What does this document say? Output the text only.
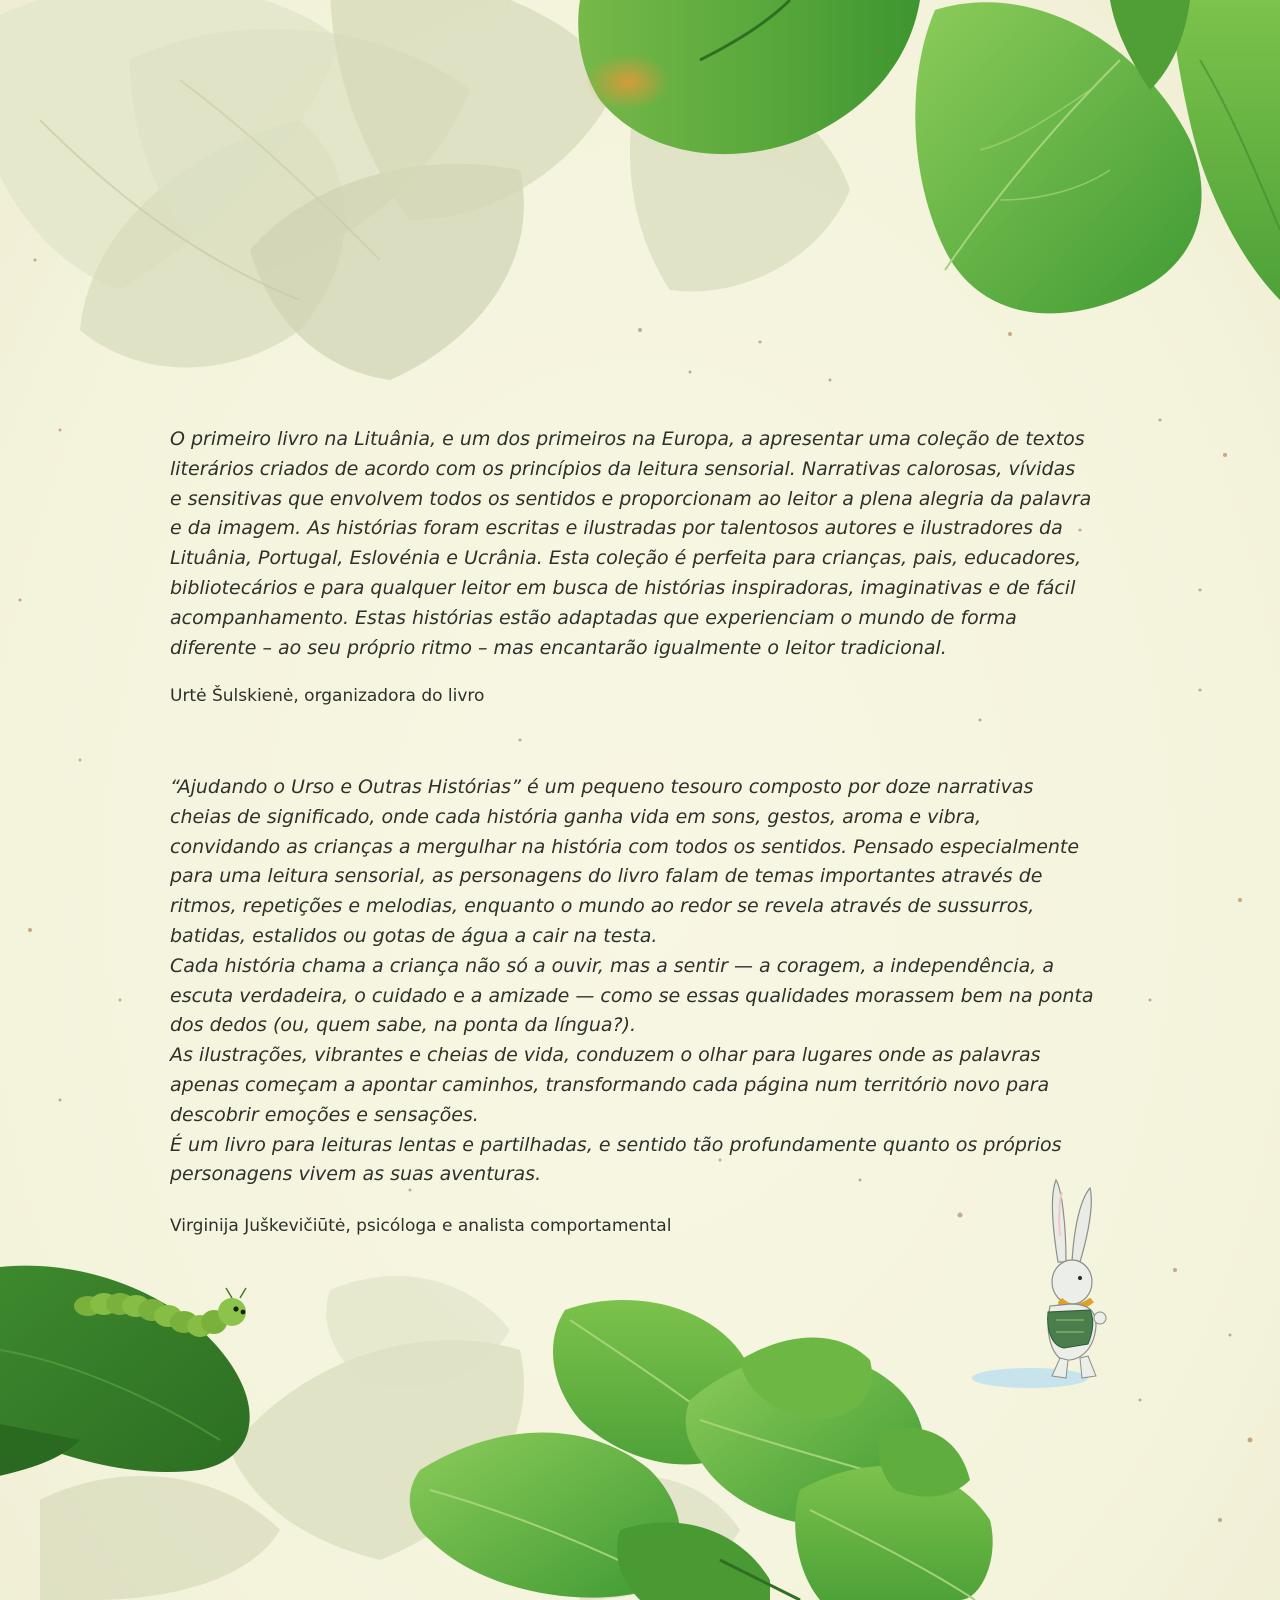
O primeiro livro na Lituânia, e um dos primeiros na Europa, a apresentar uma coleção de textos

literários criados de acordo com os princípios da leitura sensorial. Narrativas calorosas, vívidas

e sensitivas que envolvem todos os sentidos e proporcionam ao leitor a plena alegria da palavra

e da imagem. As histórias foram escritas e ilustradas por talentosos autores e ilustradores da

Lituânia, Portugal, Eslovénia e Ucrânia. Esta coleção é perfeita para crianças, pais, educadores,

bibliotecários e para qualquer leitor em busca de histórias inspiradoras, imaginativas e de fácil

acompanhamento. Estas histórias estão adaptadas que experienciam o mundo de forma

diferente – ao seu próprio ritmo – mas encantarão igualmente o leitor tradicional.

Urtė Šulskienė, organizadora do livro

“Ajudando o Urso e Outras Histórias” é um pequeno tesouro composto por doze narrativas

cheias de significado, onde cada história ganha vida em sons, gestos, aroma e vibra,

convidando as crianças a mergulhar na história com todos os sentidos. Pensado especialmente

para uma leitura sensorial, as personagens do livro falam de temas importantes através de

ritmos, repetições e melodias, enquanto o mundo ao redor se revela através de sussurros,

batidas, estalidos ou gotas de água a cair na testa.

Cada história chama a criança não só a ouvir, mas a sentir — a coragem, a independência, a

escuta verdadeira, o cuidado e a amizade — como se essas qualidades morassem bem na ponta

dos dedos (ou, quem sabe, na ponta da língua?).

As ilustrações, vibrantes e cheias de vida, conduzem o olhar para lugares onde as palavras

apenas começam a apontar caminhos, transformando cada página num território novo para

descobrir emoções e sensações.

É um livro para leituras lentas e partilhadas, e sentido tão profundamente quanto os próprios

personagens vivem as suas aventuras.

Virginija Juškevičiūtė, psicóloga e analista comportamental
